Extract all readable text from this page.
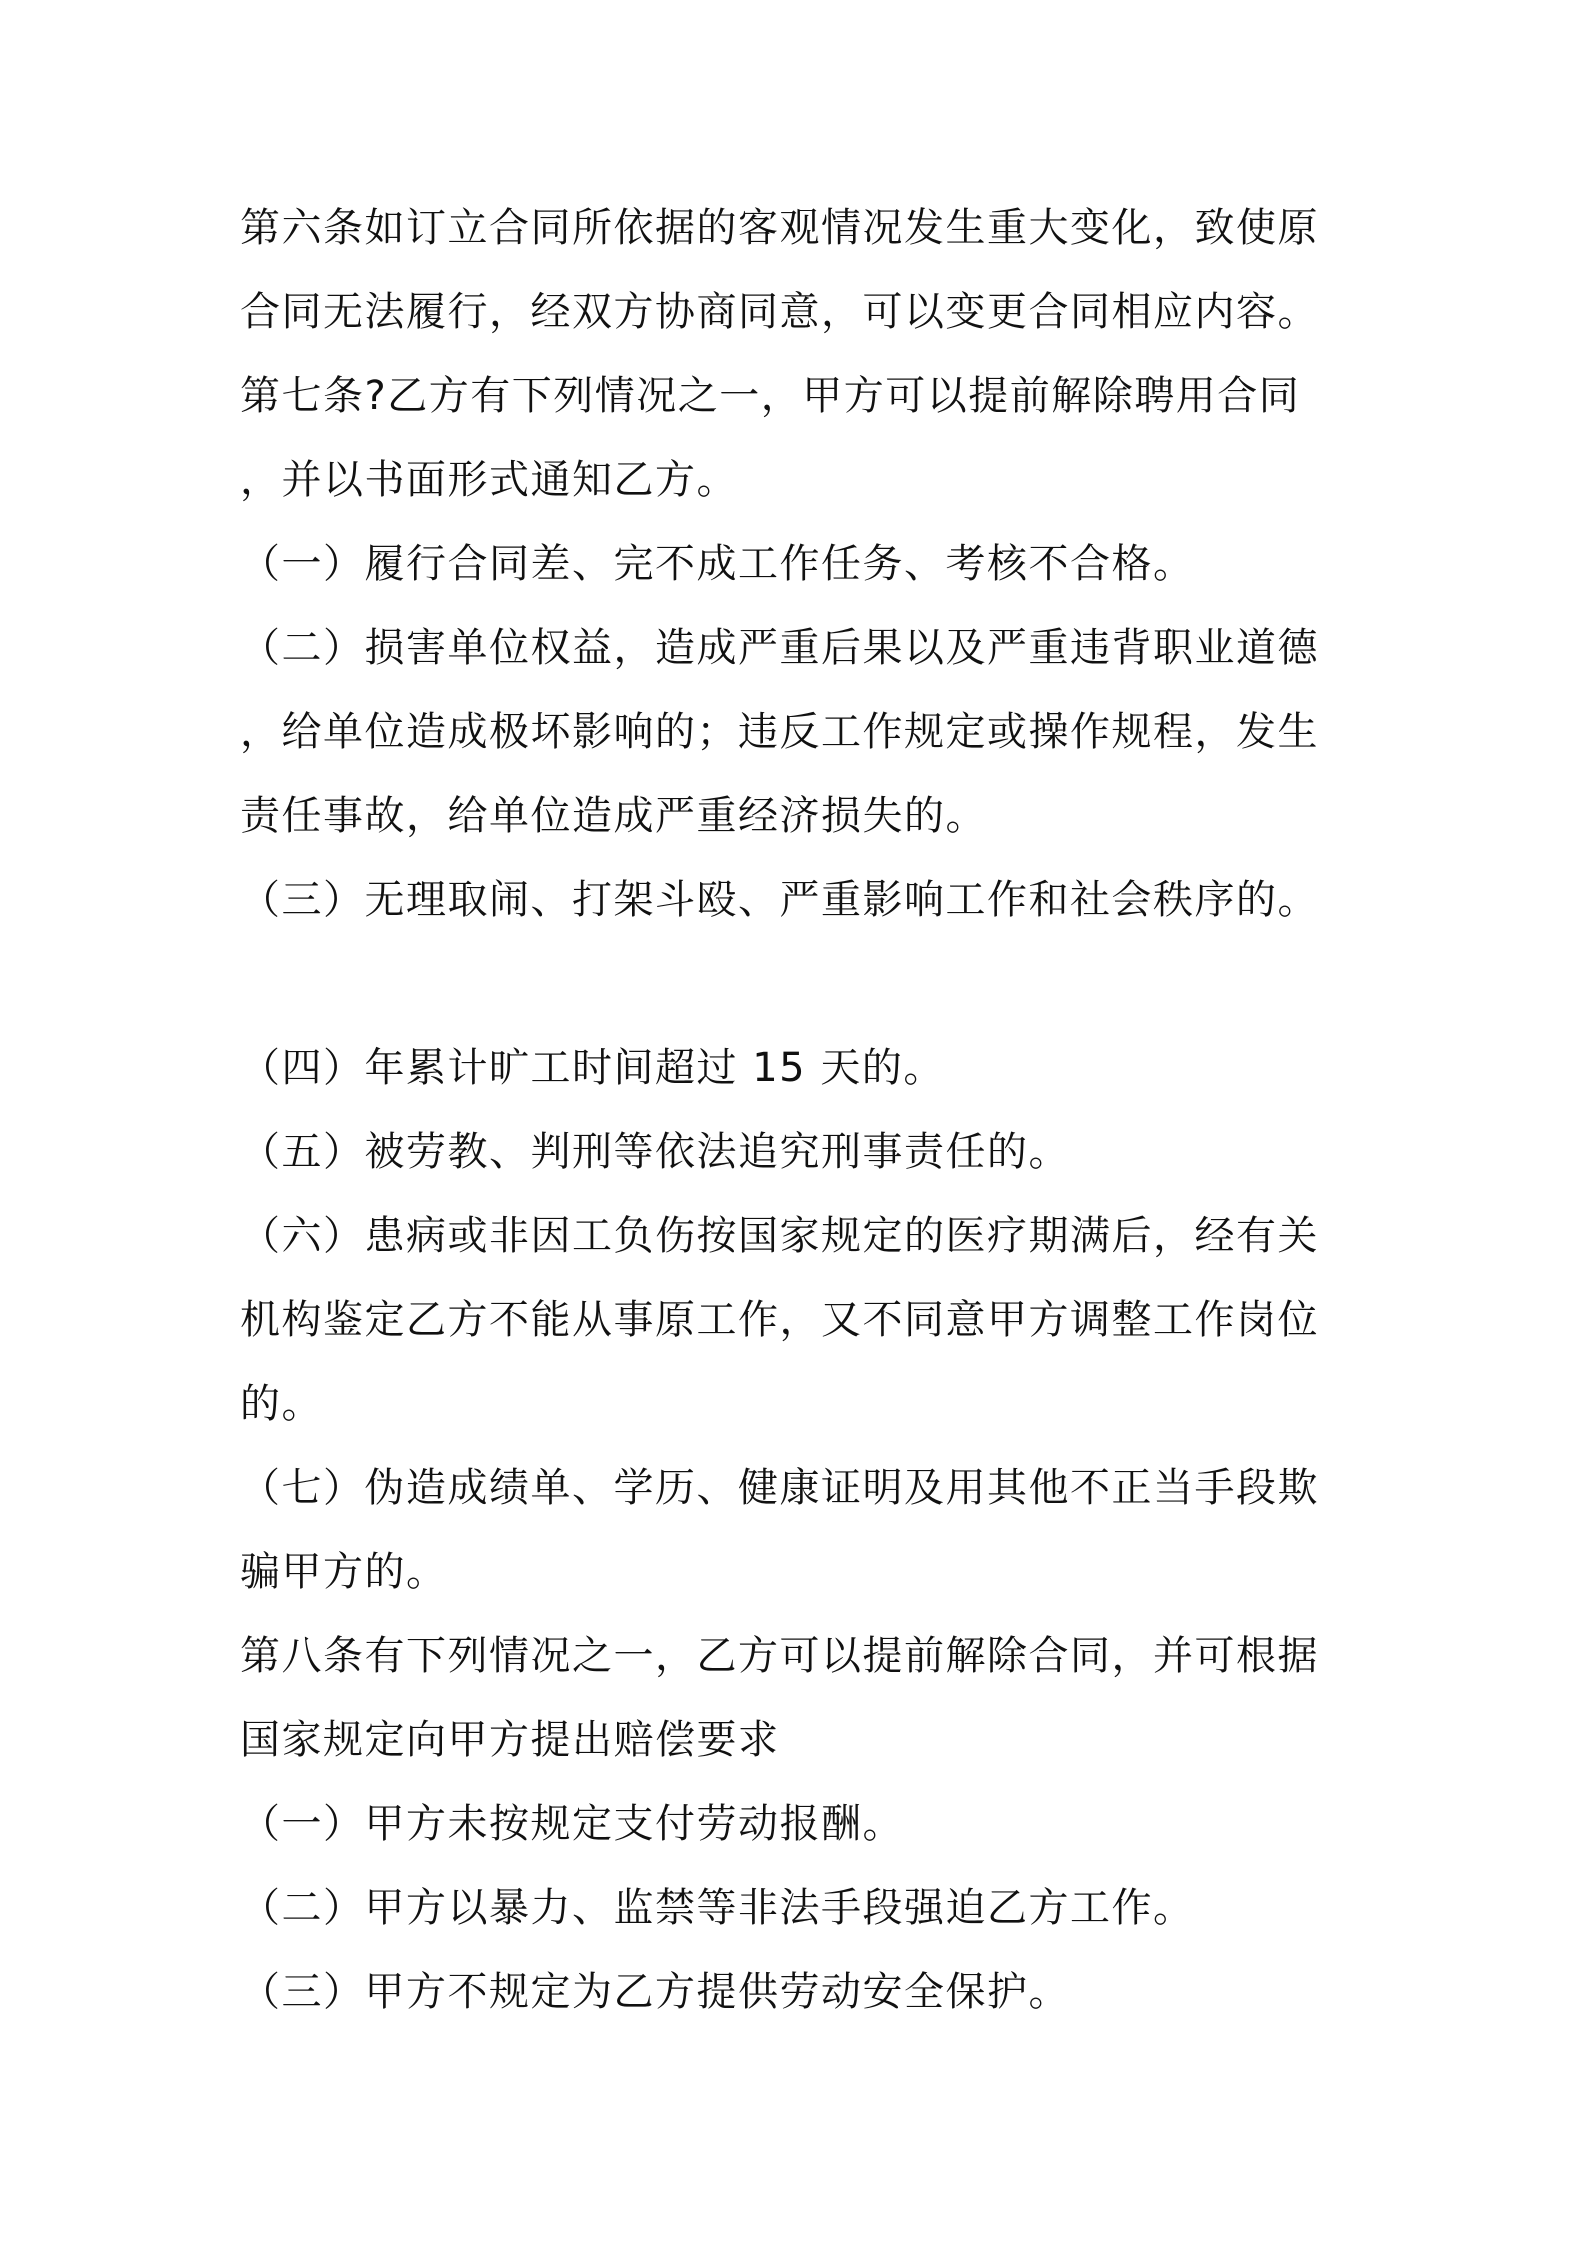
第六条如订立合同所依据的客观情况发生重大变化，致使原
合同无法履行，经双方协商同意，可以变更合同相应内容。
第七条?乙方有下列情况之一，甲方可以提前解除聘用合同
，并以书面形式通知乙方。
（一）履行合同差、完不成工作任务、考核不合格。
（二）损害单位权益，造成严重后果以及严重违背职业道德
，给单位造成极坏影响的；违反工作规定或操作规程，发生
责任事故，给单位造成严重经济损失的。
（三）无理取闹、打架斗殴、严重影响工作和社会秩序的。
（四）年累计旷工时间超过 15 天的。
（五）被劳教、判刑等依法追究刑事责任的。
（六）患病或非因工负伤按国家规定的医疗期满后，经有关
机构鉴定乙方不能从事原工作，又不同意甲方调整工作岗位
的。
（七）伪造成绩单、学历、健康证明及用其他不正当手段欺
骗甲方的。
第八条有下列情况之一，乙方可以提前解除合同，并可根据
国家规定向甲方提出赔偿要求
（一）甲方未按规定支付劳动报酬。
（二）甲方以暴力、监禁等非法手段强迫乙方工作。
（三）甲方不规定为乙方提供劳动安全保护。
